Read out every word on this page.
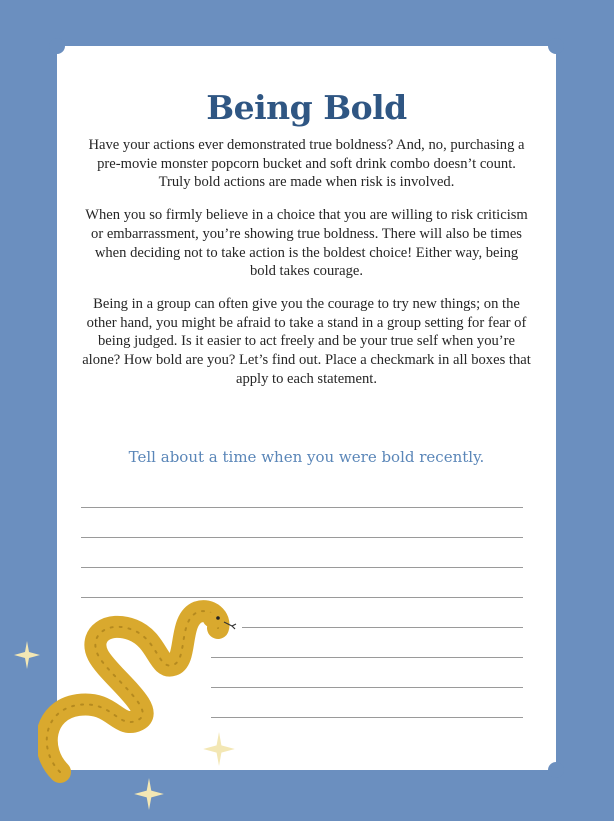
Being Bold

Have your actions ever demonstrated true boldness? And, no, purchasing a pre-movie monster popcorn bucket and soft drink combo doesn’t count. Truly bold actions are made when risk is involved.

When you so firmly believe in a choice that you are willing to risk criticism or embarrassment, you’re showing true boldness. There will also be times when deciding not to take action is the boldest choice! Either way, being bold takes courage.

Being in a group can often give you the courage to try new things; on the other hand, you might be afraid to take a stand in a group setting for fear of being judged. Is it easier to act freely and be your true self when you’re alone? How bold are you? Let’s find out. Place a checkmark in all boxes that apply to each statement.

Tell about a time when you were bold recently.
